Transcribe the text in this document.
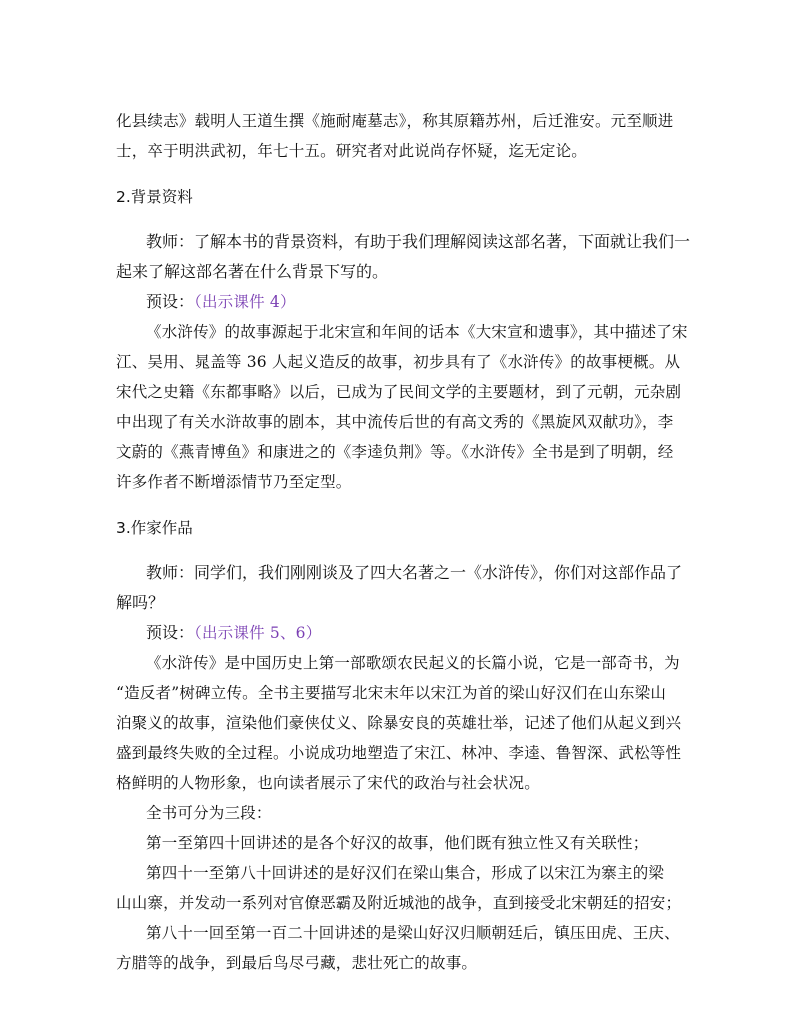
化县续志》载明人王道生撰《施耐庵墓志》，称其原籍苏州，后迁淮安。元至顺进

士，卒于明洪武初，年七十五。研究者对此说尚存怀疑，迄无定论。

2.背景资料

教师：了解本书的背景资料，有助于我们理解阅读这部名著，下面就让我们一

起来了解这部名著在什么背景下写的。

预设：（出示课件 4）

《水浒传》的故事源起于北宋宣和年间的话本《大宋宣和遗事》，其中描述了宋

江、吴用、晁盖等 36 人起义造反的故事，初步具有了《水浒传》的故事梗概。从

宋代之史籍《东都事略》以后，已成为了民间文学的主要题材，到了元朝，元杂剧

中出现了有关水浒故事的剧本，其中流传后世的有高文秀的《黑旋风双献功》，李

文蔚的《燕青博鱼》和康进之的《李逵负荆》等。《水浒传》全书是到了明朝，经

许多作者不断增添情节乃至定型。

3.作家作品

教师：同学们，我们刚刚谈及了四大名著之一《水浒传》，你们对这部作品了

解吗？

预设：（出示课件 5、6）

《水浒传》是中国历史上第一部歌颂农民起义的长篇小说，它是一部奇书，为

“造反者”树碑立传。全书主要描写北宋末年以宋江为首的梁山好汉们在山东梁山

泊聚义的故事，渲染他们豪侠仗义、除暴安良的英雄壮举，记述了他们从起义到兴

盛到最终失败的全过程。小说成功地塑造了宋江、林冲、李逵、鲁智深、武松等性

格鲜明的人物形象，也向读者展示了宋代的政治与社会状况。

全书可分为三段：

第一至第四十回讲述的是各个好汉的故事，他们既有独立性又有关联性；

第四十一至第八十回讲述的是好汉们在梁山集合，形成了以宋江为寨主的梁

山山寨，并发动一系列对官僚恶霸及附近城池的战争，直到接受北宋朝廷的招安；

第八十一回至第一百二十回讲述的是梁山好汉归顺朝廷后，镇压田虎、王庆、

方腊等的战争，到最后鸟尽弓藏，悲壮死亡的故事。
